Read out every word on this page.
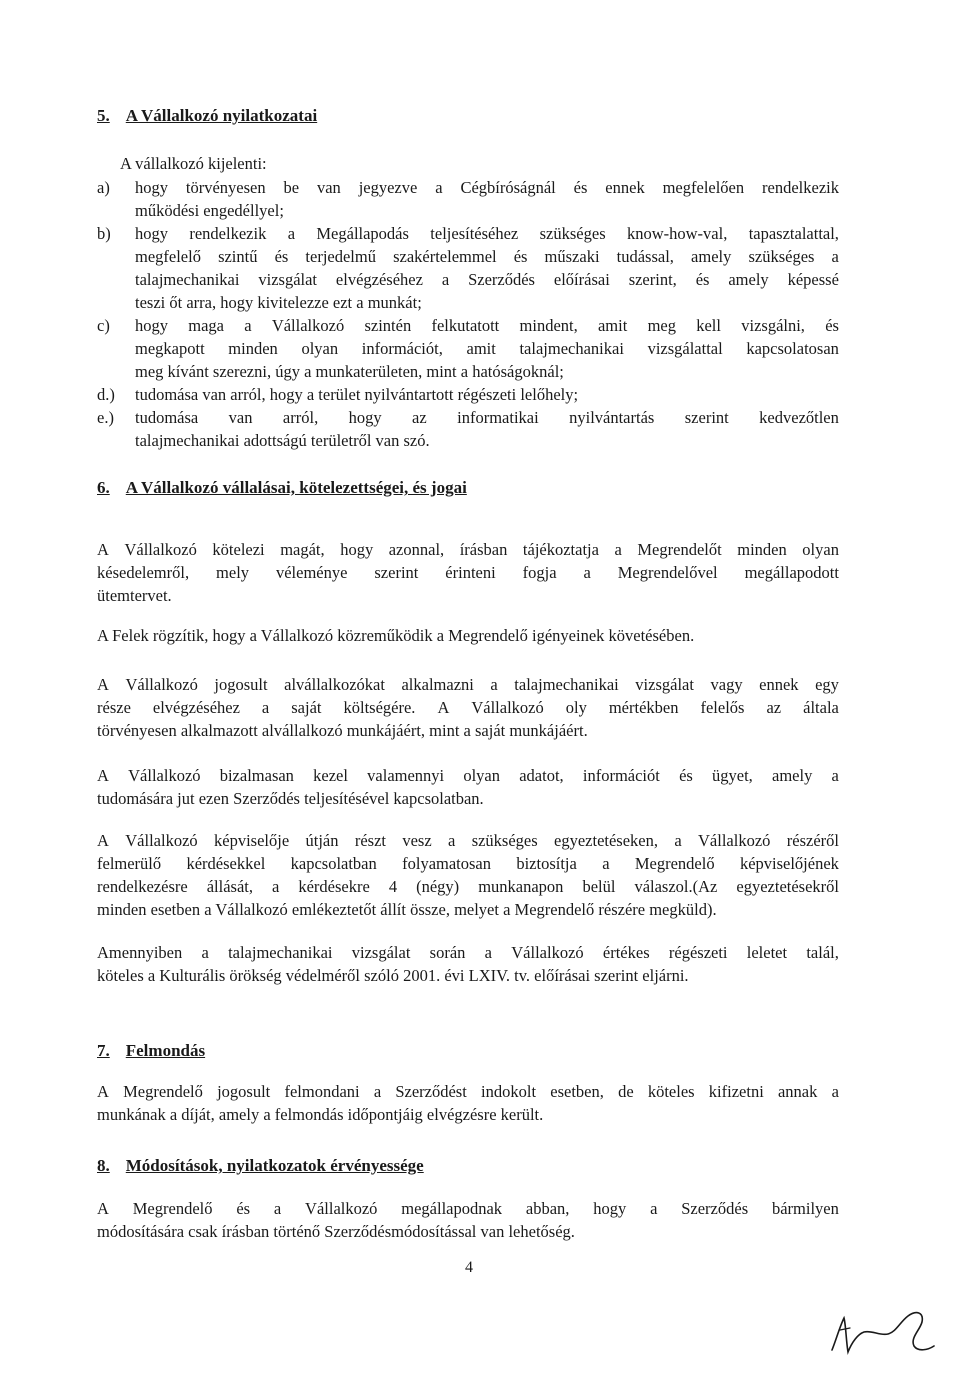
5. A Vállalkozó nyilatkozatai
A vállalkozó kijelenti:
a) hogy törvényesen be van jegyezve a Cégbíróságnál és ennek megfelelően rendelkezik
működési engedéllyel;
b) hogy rendelkezik a Megállapodás teljesítéséhez szükséges know-how-val, tapasztalattal,
megfelelő szintű és terjedelmű szakértelemmel és műszaki tudással, amely szükséges a
talajmechanikai vizsgálat elvégzéséhez a Szerződés előírásai szerint, és amely képessé
teszi őt arra, hogy kivitelezze ezt a munkát;
c) hogy maga a Vállalkozó szintén felkutatott mindent, amit meg kell vizsgálni, és
megkapott minden olyan információt, amit talajmechanikai vizsgálattal kapcsolatosan
meg kívánt szerezni, úgy a munkaterületen, mint a hatóságoknál;
d.) tudomása van arról, hogy a terület nyilvántartott régészeti lelőhely;
e.) tudomása van arról, hogy az informatikai nyilvántartás szerint kedvezőtlen
talajmechanikai adottságú területről van szó.
6. A Vállalkozó vállalásai, kötelezettségei, és jogai
A Vállalkozó kötelezi magát, hogy azonnal, írásban tájékoztatja a Megrendelőt minden olyan
késedelemről, mely véleménye szerint érinteni fogja a Megrendelővel megállapodott
ütemtervet.
A Felek rögzítik, hogy a Vállalkozó közreműködik a Megrendelő igényeinek követésében.
A Vállalkozó jogosult alvállalkozókat alkalmazni a talajmechanikai vizsgálat vagy ennek egy
része elvégzéséhez a saját költségére. A Vállalkozó oly mértékben felelős az általa
törvényesen alkalmazott alvállalkozó munkájáért, mint a saját munkájáért.
A Vállalkozó bizalmasan kezel valamennyi olyan adatot, információt és ügyet, amely a
tudomására jut ezen Szerződés teljesítésével kapcsolatban.
A Vállalkozó képviselője útján részt vesz a szükséges egyeztetéseken, a Vállalkozó részéről
felmerülő kérdésekkel kapcsolatban folyamatosan biztosítja a Megrendelő képviselőjének
rendelkezésre állását, a kérdésekre 4 (négy) munkanapon belül válaszol.(Az egyeztetésekről
minden esetben a Vállalkozó emlékeztetőt állít össze, melyet a Megrendelő részére megküld).
Amennyiben a talajmechanikai vizsgálat során a Vállalkozó értékes régészeti leletet talál,
köteles a Kulturális örökség védelméről szóló 2001. évi LXIV. tv. előírásai szerint eljárni.
7. Felmondás
A Megrendelő jogosult felmondani a Szerződést indokolt esetben, de köteles kifizetni annak a
munkának a díját, amely a felmondás időpontjáig elvégzésre került.
8. Módosítások, nyilatkozatok érvényessége
A Megrendelő és a Vállalkozó megállapodnak abban, hogy a Szerződés bármilyen
módosítására csak írásban történő Szerződésmódosítással van lehetőség.
4
